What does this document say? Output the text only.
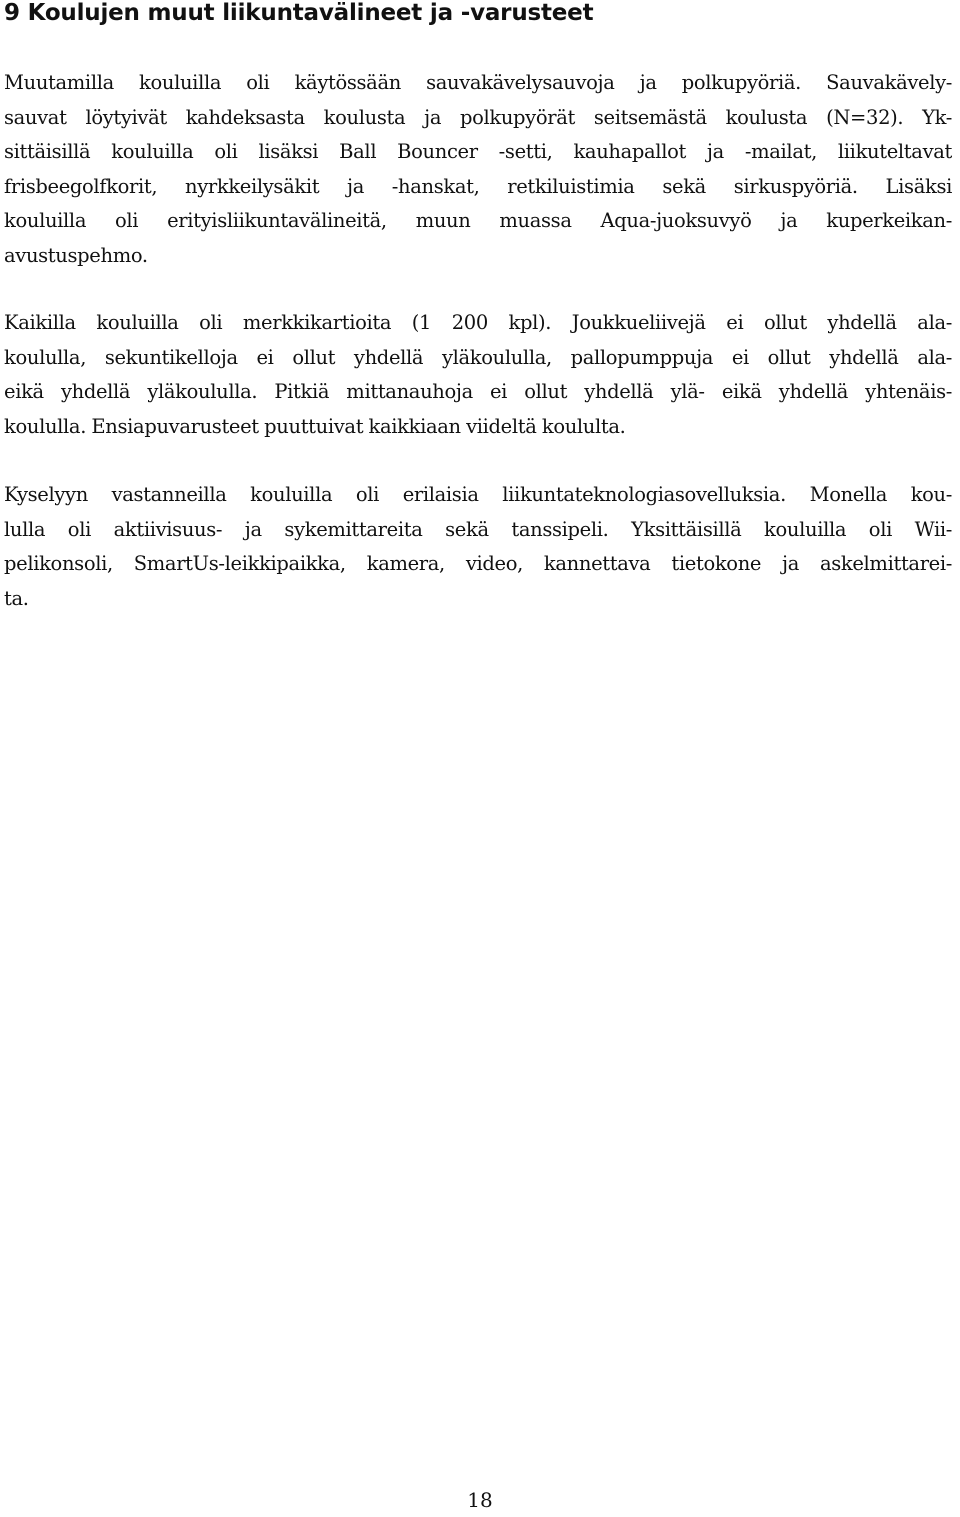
9 Koulujen muut liikuntavälineet ja -varusteet
Muutamilla kouluilla oli käytössään sauvakävelysauvoja ja polkupyöriä. Sauvakävely-
sauvat löytyivät kahdeksasta koulusta ja polkupyörät seitsemästä koulusta (N=32). Yk-
sittäisillä kouluilla oli lisäksi Ball Bouncer -setti, kauhapallot ja -mailat, liikuteltavat
frisbeegolfkorit, nyrkkeilysäkit ja -hanskat, retkiluistimia sekä sirkuspyöriä. Lisäksi
kouluilla oli erityisliikuntavälineitä, muun muassa Aqua-juoksuvyö ja kuperkeikan-
avustuspehmo.
Kaikilla kouluilla oli merkkikartioita (1 200 kpl). Joukkueliivejä ei ollut yhdellä ala-
koululla, sekuntikelloja ei ollut yhdellä yläkoululla, pallopumppuja ei ollut yhdellä ala-
eikä yhdellä yläkoululla. Pitkiä mittanauhoja ei ollut yhdellä ylä- eikä yhdellä yhtenäis-
koululla. Ensiapuvarusteet puuttuivat kaikkiaan viideltä koululta.
Kyselyyn vastanneilla kouluilla oli erilaisia liikuntateknologiasovelluksia. Monella kou-
lulla oli aktiivisuus- ja sykemittareita sekä tanssipeli. Yksittäisillä kouluilla oli Wii-
pelikonsoli, SmartUs-leikkipaikka, kamera, video, kannettava tietokone ja askelmittarei-
ta.
18
